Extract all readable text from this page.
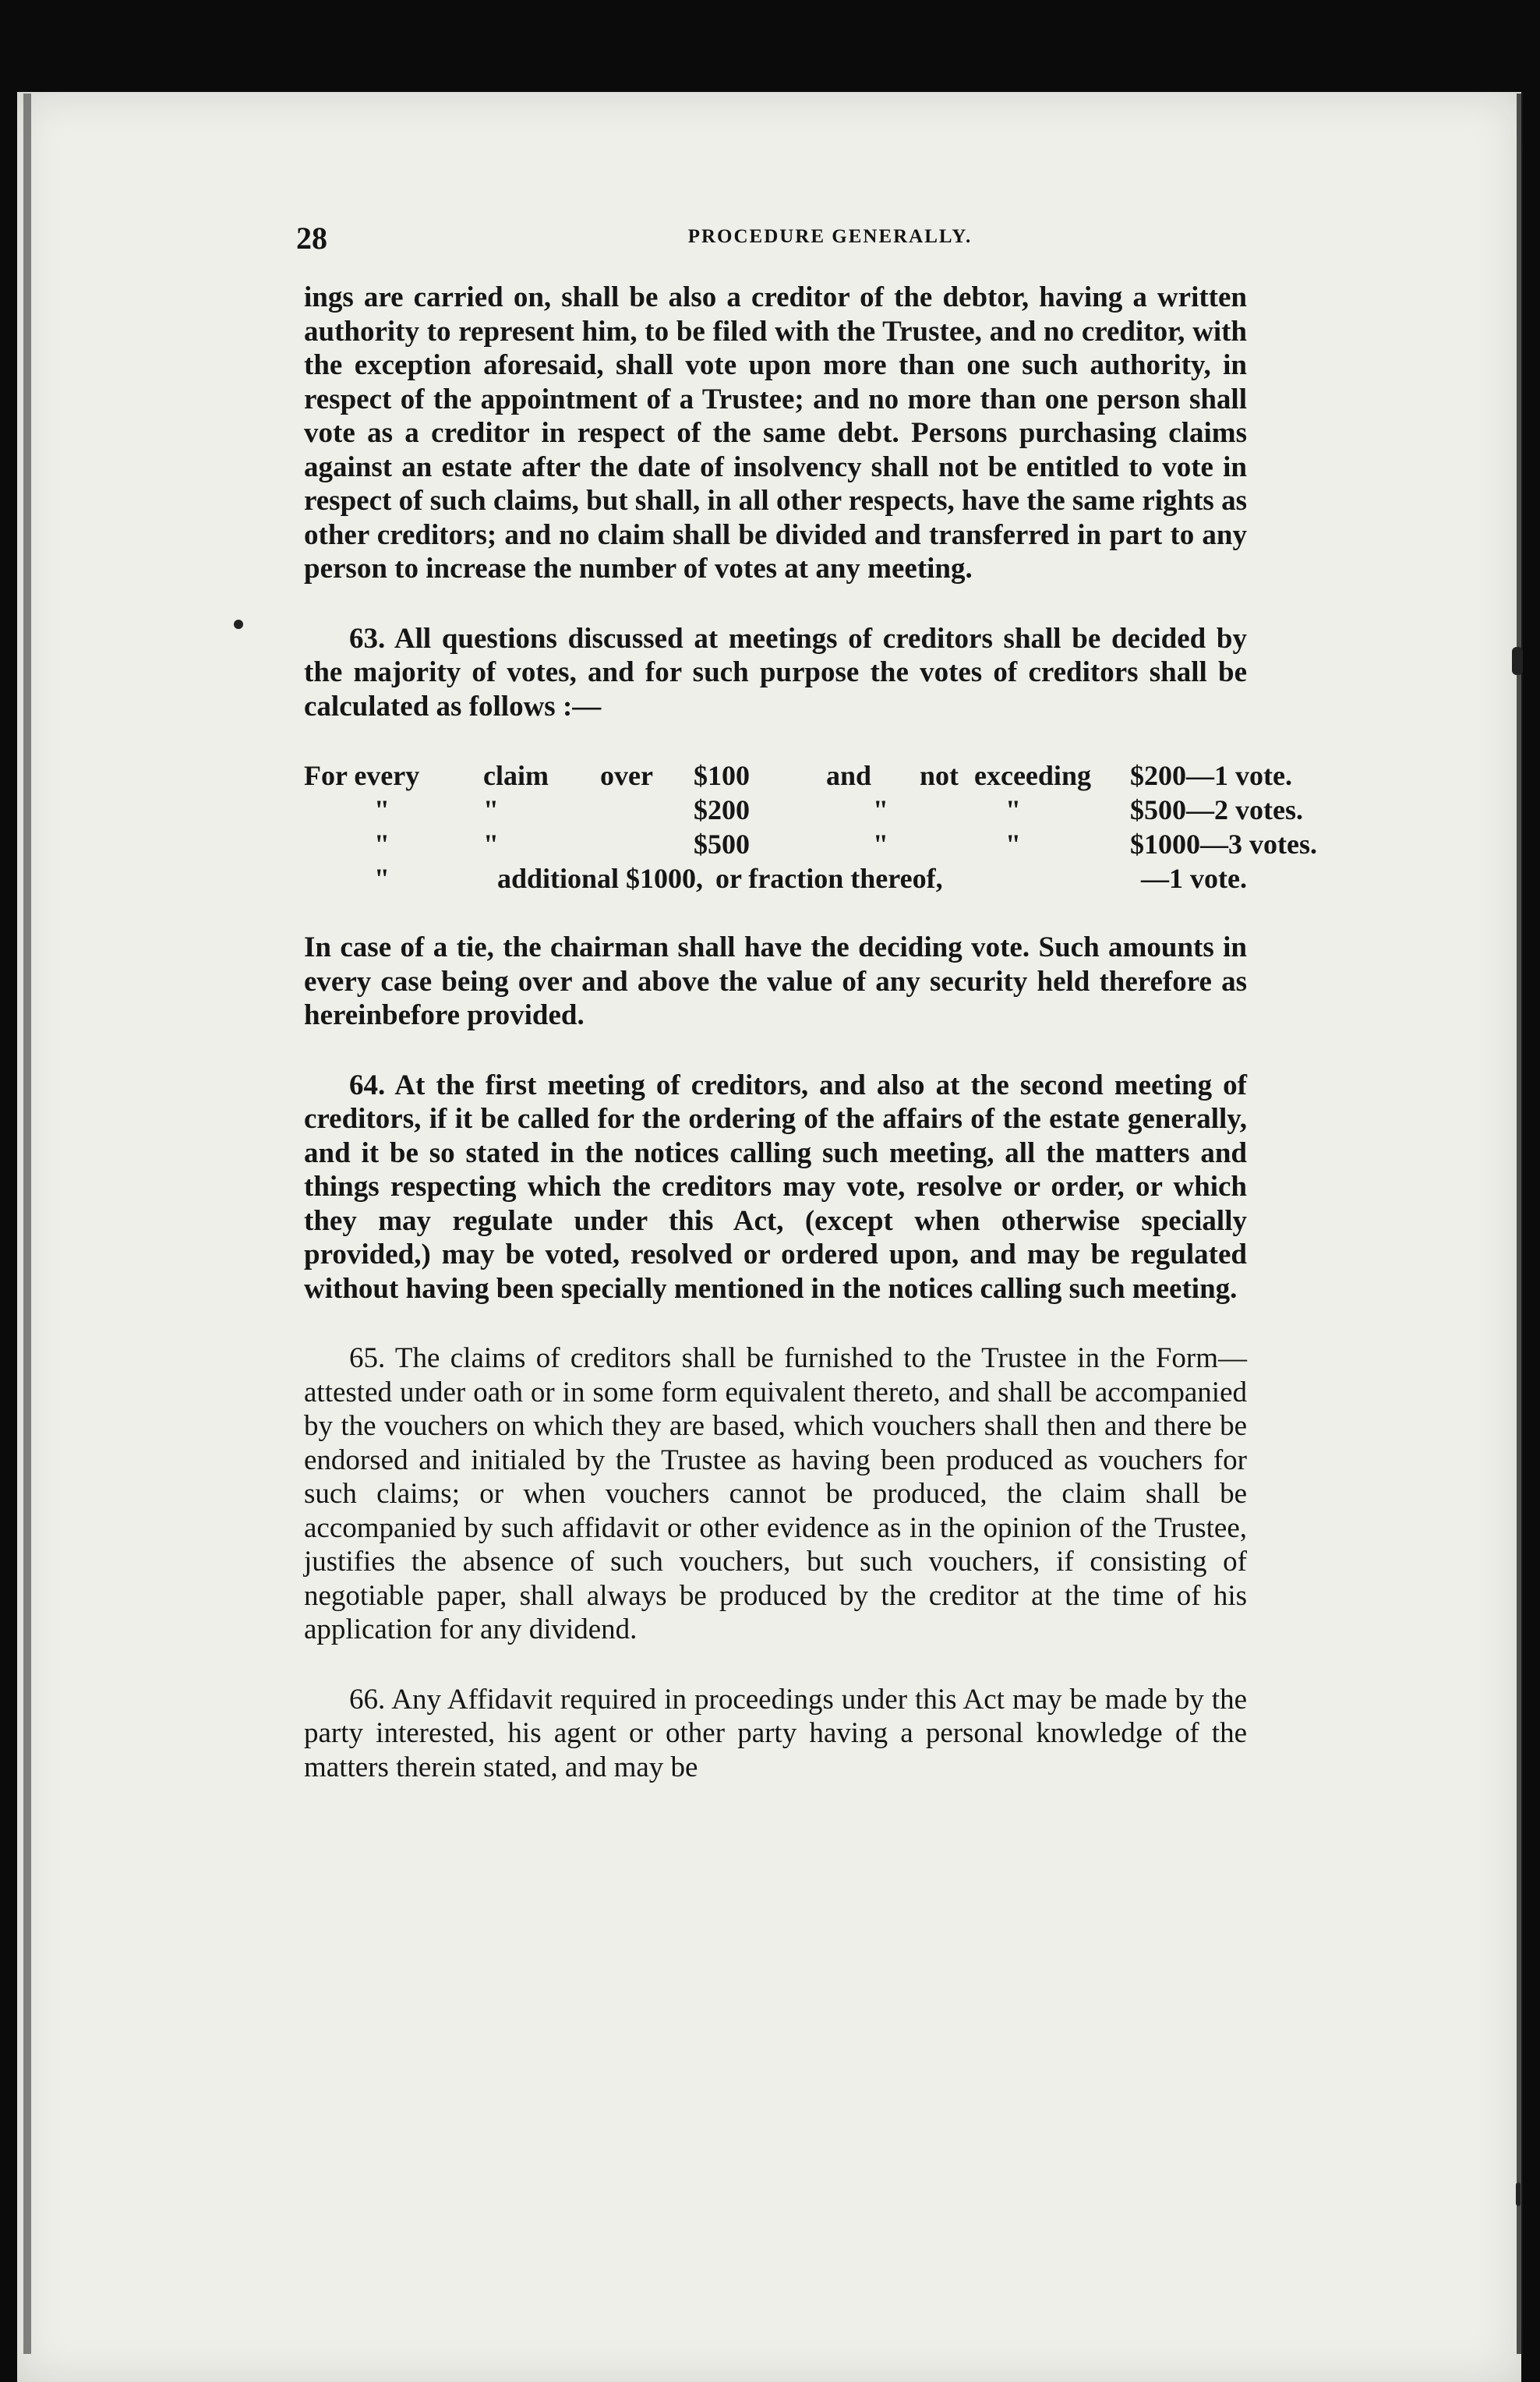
28	PROCEDURE GENERALLY.

ings are carried on, shall be also a creditor of the debtor, having a written authority to represent him, to be filed with the Trustee, and no creditor, with the exception aforesaid, shall vote upon more than one such authority, in respect of the appointment of a Trustee; and no more than one person shall vote as a creditor in respect of the same debt. Persons purchasing claims against an estate after the date of insolvency shall not be entitled to vote in respect of such claims, but shall, in all other respects, have the same rights as other creditors; and no claim shall be divided and transferred in part to any person to increase the number of votes at any meeting.

63. All questions discussed at meetings of creditors shall be decided by the majority of votes, and for such purpose the votes of creditors shall be calculated as follows :—

For every	claim	over	$100	and	not exceeding	$200—1 vote.
"	"	$200	"	"	$500—2 votes.
"	"	$500	"	"	$1000—3 votes.
"	additional $1000, or fraction thereof,	—1 vote.

In case of a tie, the chairman shall have the deciding vote. Such amounts in every case being over and above the value of any security held therefore as hereinbefore provided.

64. At the first meeting of creditors, and also at the second meeting of creditors, if it be called for the ordering of the affairs of the estate generally, and it be so stated in the notices calling such meeting, all the matters and things respecting which the creditors may vote, resolve or order, or which they may regulate under this Act, (except when otherwise specially provided,) may be voted, resolved or ordered upon, and may be regulated without having been specially mentioned in the notices calling such meeting.

65. The claims of creditors shall be furnished to the Trustee in the Form—attested under oath or in some form equivalent thereto, and shall be accompanied by the vouchers on which they are based, which vouchers shall then and there be endorsed and initialed by the Trustee as having been produced as vouchers for such claims; or when vouchers cannot be produced, the claim shall be accompanied by such affidavit or other evidence as in the opinion of the Trustee, justifies the absence of such vouchers, but such vouchers, if consisting of negotiable paper, shall always be produced by the creditor at the time of his application for any dividend.

66. Any Affidavit required in proceedings under this Act may be made by the party interested, his agent or other party having a personal knowledge of the matters therein stated, and may be
